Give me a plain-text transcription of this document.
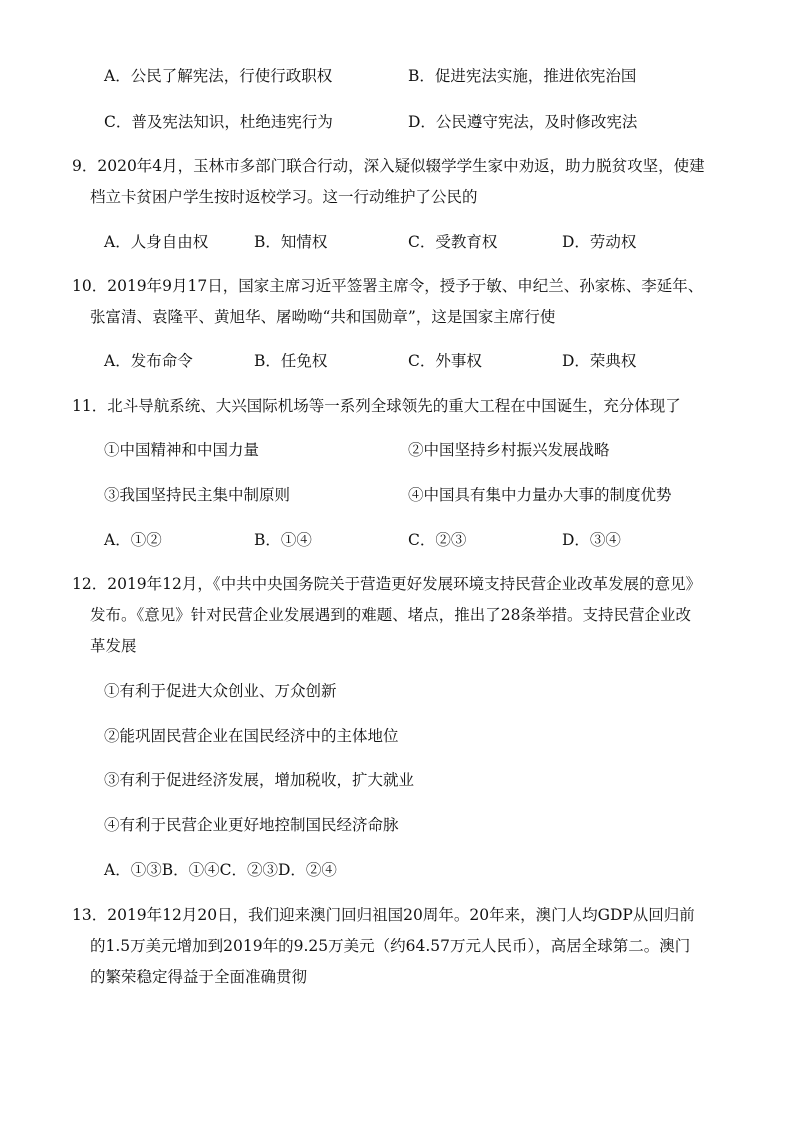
A．公民了解宪法，行使行政职权	B．促进宪法实施，推进依宪治国
C．普及宪法知识，杜绝违宪行为	D．公民遵守宪法，及时修改宪法
9．2020年4月，玉林市多部门联合行动，深入疑似辍学学生家中劝返，助力脱贫攻坚，使建
档立卡贫困户学生按时返校学习。这一行动维护了公民的
A．人身自由权	B．知情权	C．受教育权	D．劳动权
10．2019年9月17日，国家主席习近平签署主席令，授予于敏、申纪兰、孙家栋、李延年、
张富清、袁隆平、黄旭华、屠呦呦“共和国勋章”，这是国家主席行使
A．发布命令	B．任免权	C．外事权	D．荣典权
11．北斗导航系统、大兴国际机场等一系列全球领先的重大工程在中国诞生，充分体现了
①中国精神和中国力量	②中国坚持乡村振兴发展战略
③我国坚持民主集中制原则	④中国具有集中力量办大事的制度优势
A．①②	B．①④	C．②③	D．③④
12．2019年12月，《中共中央国务院关于营造更好发展环境支持民营企业改革发展的意见》
发布。《意见》针对民营企业发展遇到的难题、堵点，推出了28条举措。支持民营企业改
革发展
①有利于促进大众创业、万众创新
②能巩固民营企业在国民经济中的主体地位
③有利于促进经济发展，增加税收，扩大就业
④有利于民营企业更好地控制国民经济命脉
A．①③B．①④C．②③D．②④
13．2019年12月20日，我们迎来澳门回归祖国20周年。20年来，澳门人均GDP从回归前
的1.5万美元增加到2019年的9.25万美元（约64.57万元人民币），高居全球第二。澳门
的繁荣稳定得益于全面准确贯彻
